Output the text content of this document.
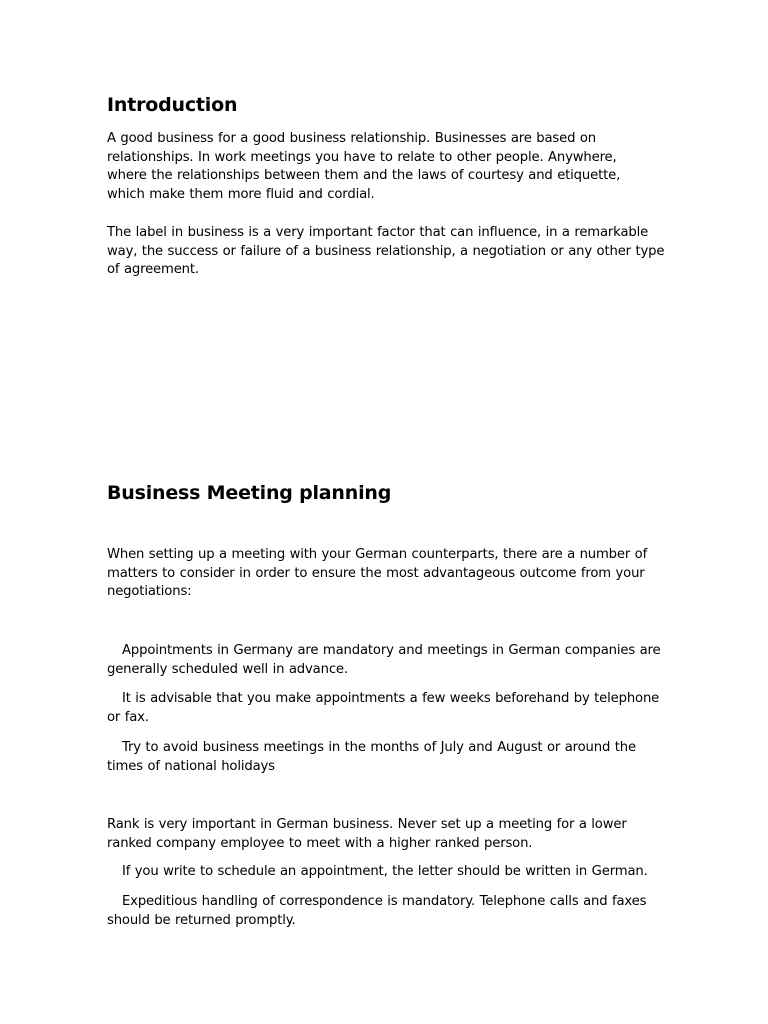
Introduction

A good business for a good business relationship. Businesses are based on relationships. In work meetings you have to relate to other people. Anywhere, where the relationships between them and the laws of courtesy and etiquette, which make them more fluid and cordial.

The label in business is a very important factor that can influence, in a remarkable way, the success or failure of a business relationship, a negotiation or any other type of agreement.

Business Meeting planning

When setting up a meeting with your German counterparts, there are a number of matters to consider in order to ensure the most advantageous outcome from your negotiations:

Appointments in Germany are mandatory and meetings in German companies are generally scheduled well in advance.

It is advisable that you make appointments a few weeks beforehand by telephone or fax.

Try to avoid business meetings in the months of July and August or around the times of national holidays

Rank is very important in German business. Never set up a meeting for a lower ranked company employee to meet with a higher ranked person.

If you write to schedule an appointment, the letter should be written in German.

Expeditious handling of correspondence is mandatory. Telephone calls and faxes should be returned promptly.
